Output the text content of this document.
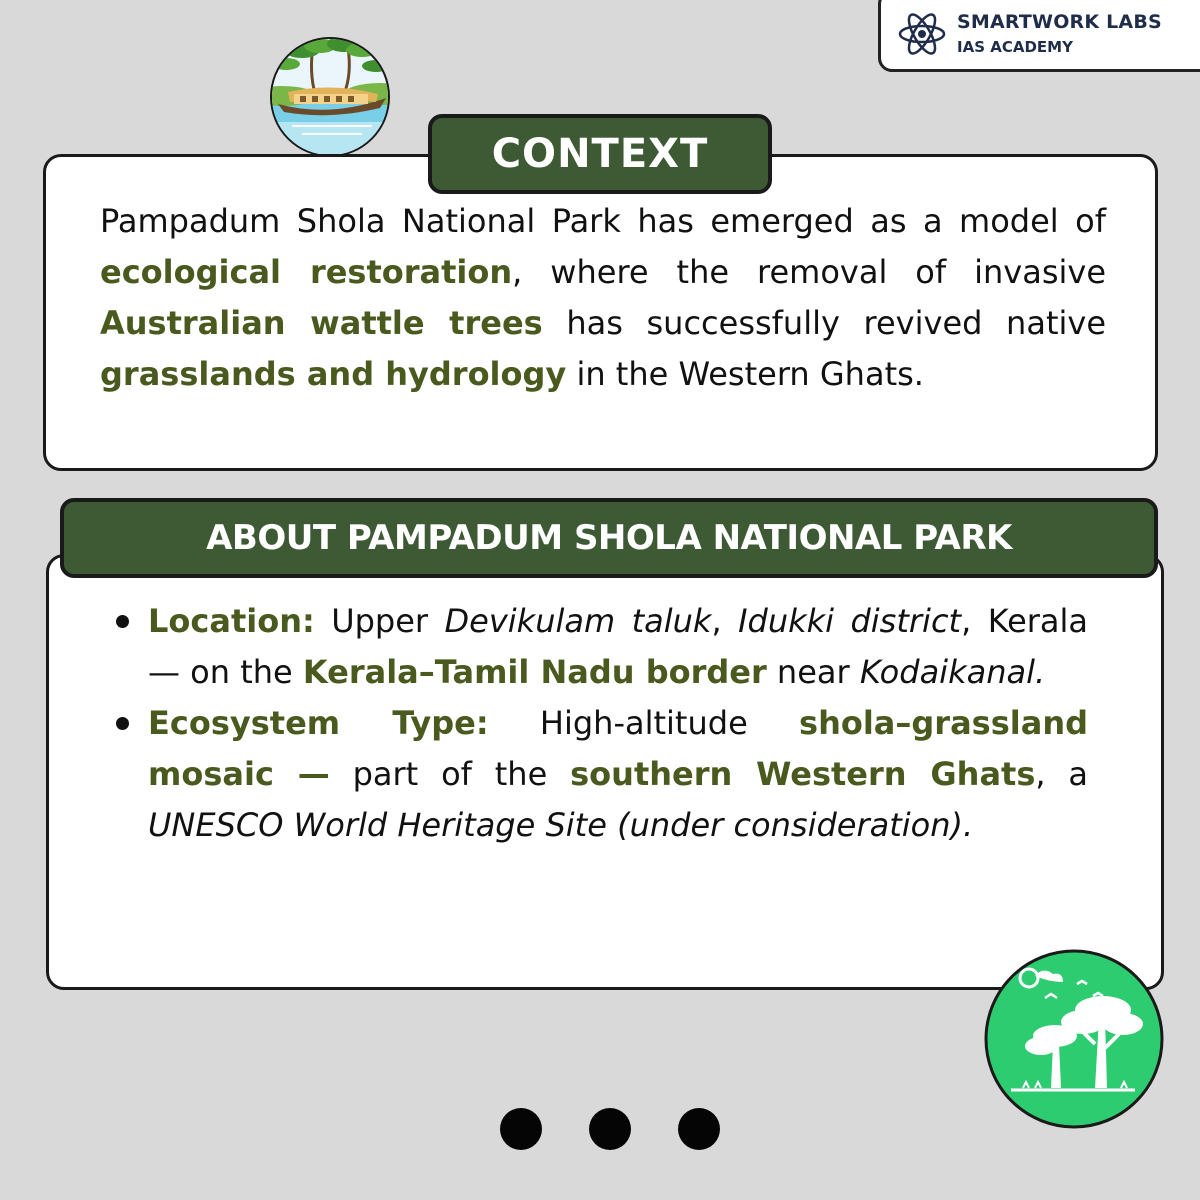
SMARTWORK LABS
IAS ACADEMY
CONTEXT
Pampadum Shola National Park has emerged as a model of ecological restoration, where the removal of invasive Australian wattle trees has successfully revived native grasslands and hydrology in the Western Ghats.
ABOUT PAMPADUM SHOLA NATIONAL PARK
Location: Upper Devikulam taluk, Idukki district, Kerala — on the Kerala–Tamil Nadu border near Kodaikanal.
Ecosystem Type: High-altitude shola–grassland mosaic — part of the southern Western Ghats, a UNESCO World Heritage Site (under consideration).
